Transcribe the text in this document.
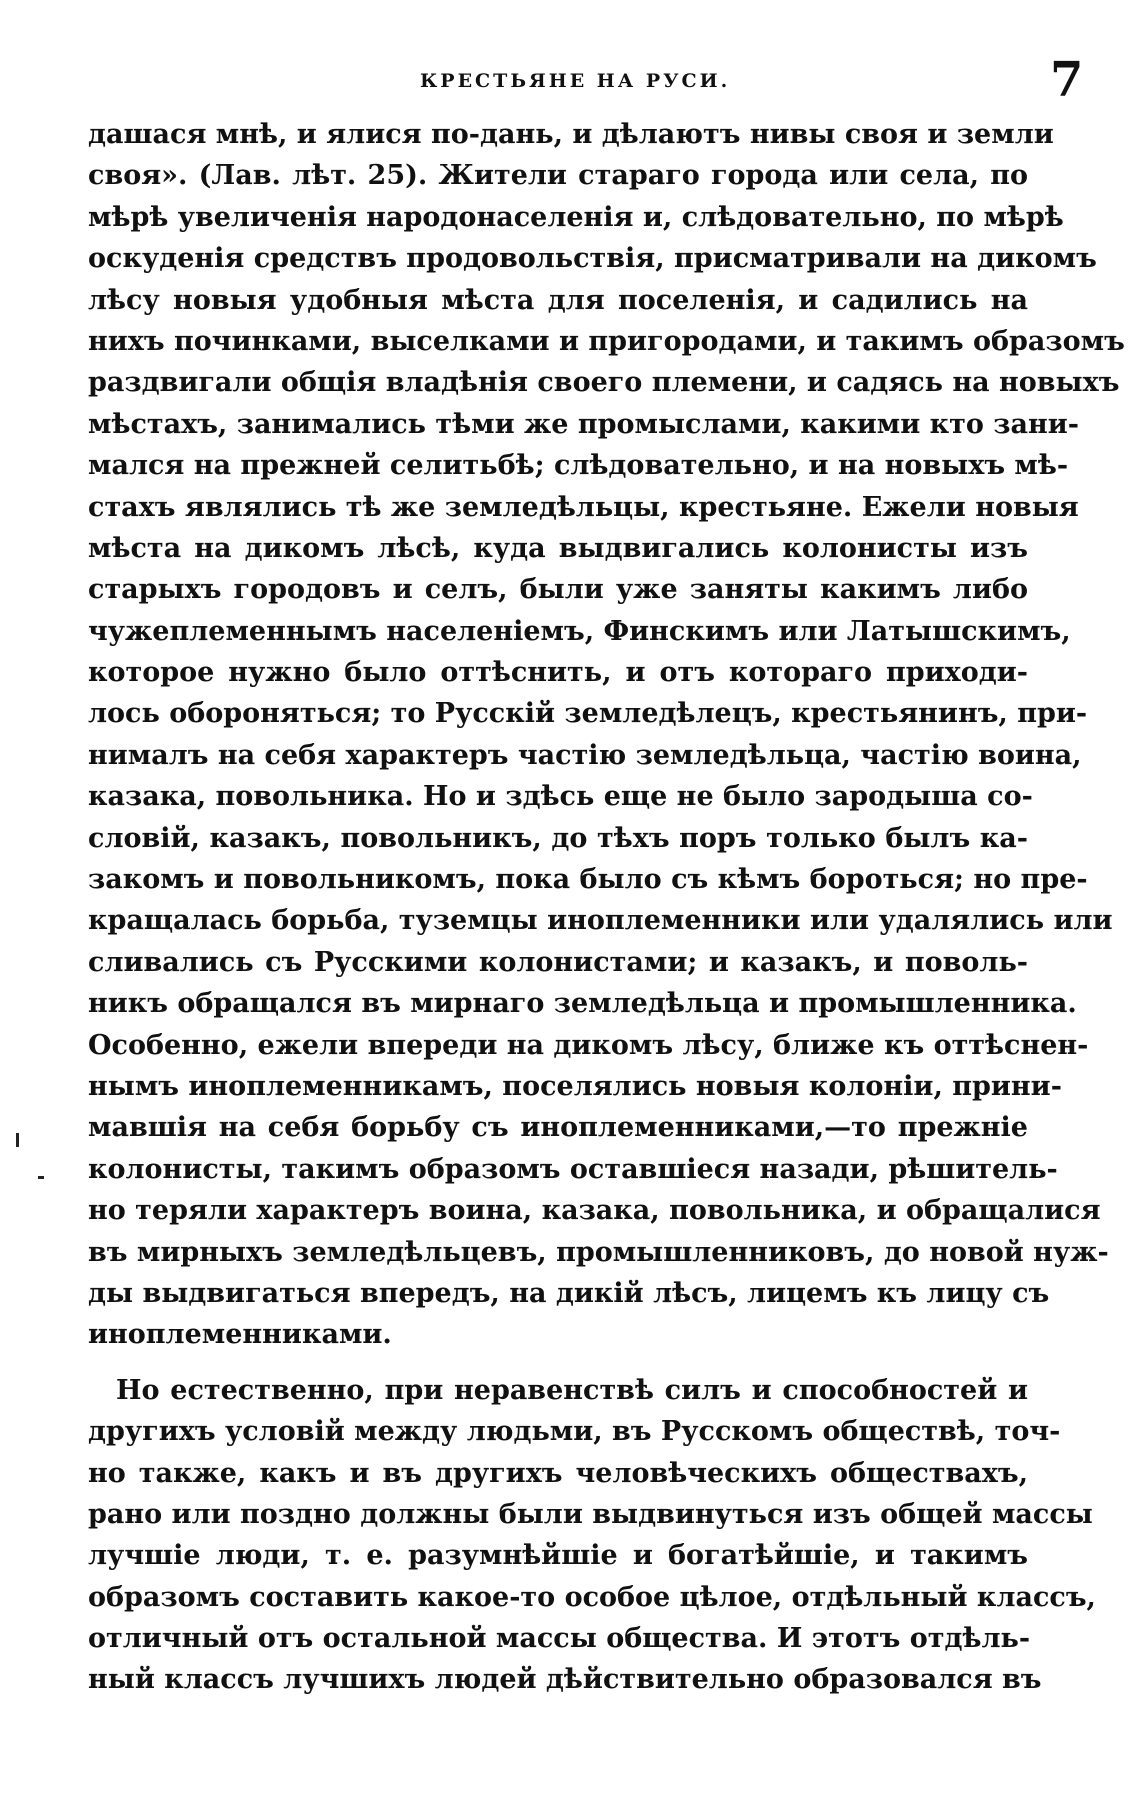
КРЕСТЬЯНЕ НА РУСИ.	7
дашася мнѣ, и ялися по-дань, и дѣлаютъ нивы своя и земли
своя». (Лав. лѣт. 25). Жители стараго города или села, по
мѣрѣ увеличенія народонаселенія и, слѣдовательно, по мѣрѣ
оскуденія средствъ продовольствія, присматривали на дикомъ
лѣсу новыя удобныя мѣста для поселенія, и садились на
нихъ починками, выселками и пригородами, и такимъ образомъ
раздвигали общія владѣнія своего племени, и садясь на новыхъ
мѣстахъ, занимались тѣми же промыслами, какими кто зани-
мался на прежней селитьбѣ; слѣдовательно, и на новыхъ мѣ-
стахъ являлись тѣ же земледѣльцы, крестьяне. Ежели новыя
мѣста на дикомъ лѣсѣ, куда выдвигались колонисты изъ
старыхъ городовъ и селъ, были уже заняты какимъ либо
чужеплеменнымъ населеніемъ, Финскимъ или Латышскимъ,
которое нужно было оттѣснить, и отъ котораго приходи-
лось обороняться; то Русскій земледѣлецъ, крестьянинъ, при-
нималъ на себя характеръ частію земледѣльца, частію воина,
казака, повольника. Но и здѣсь еще не было зародыша со-
словій, казакъ, повольникъ, до тѣхъ поръ только былъ ка-
закомъ и повольникомъ, пока было съ кѣмъ бороться; но пре-
кращалась борьба, туземцы иноплеменники или удалялись или
сливались съ Русскими колонистами; и казакъ, и поволь-
никъ обращался въ мирнаго земледѣльца и промышленника.
Особенно, ежели впереди на дикомъ лѣсу, ближе къ оттѣснен-
нымъ иноплеменникамъ, поселялись новыя колоніи, прини-
мавшія на себя борьбу съ иноплеменниками,—то прежніе
колонисты, такимъ образомъ оставшіеся назади, рѣшитель-
но теряли характеръ воина, казака, повольника, и обращалися
въ мирныхъ земледѣльцевъ, промышленниковъ, до новой нуж-
ды выдвигаться впередъ, на дикій лѣсъ, лицемъ къ лицу съ
иноплеменниками.
Но естественно, при неравенствѣ силъ и способностей и
другихъ условій между людьми, въ Русскомъ обществѣ, точ-
но также, какъ и въ другихъ человѣческихъ обществахъ,
рано или поздно должны были выдвинуться изъ общей массы
лучшіе люди, т. е. разумнѣйшіе и богатѣйшіе, и такимъ
образомъ составить какое-то особое цѣлое, отдѣльный классъ,
отличный отъ остальной массы общества. И этотъ отдѣль-
ный классъ лучшихъ людей дѣйствительно образовался въ
